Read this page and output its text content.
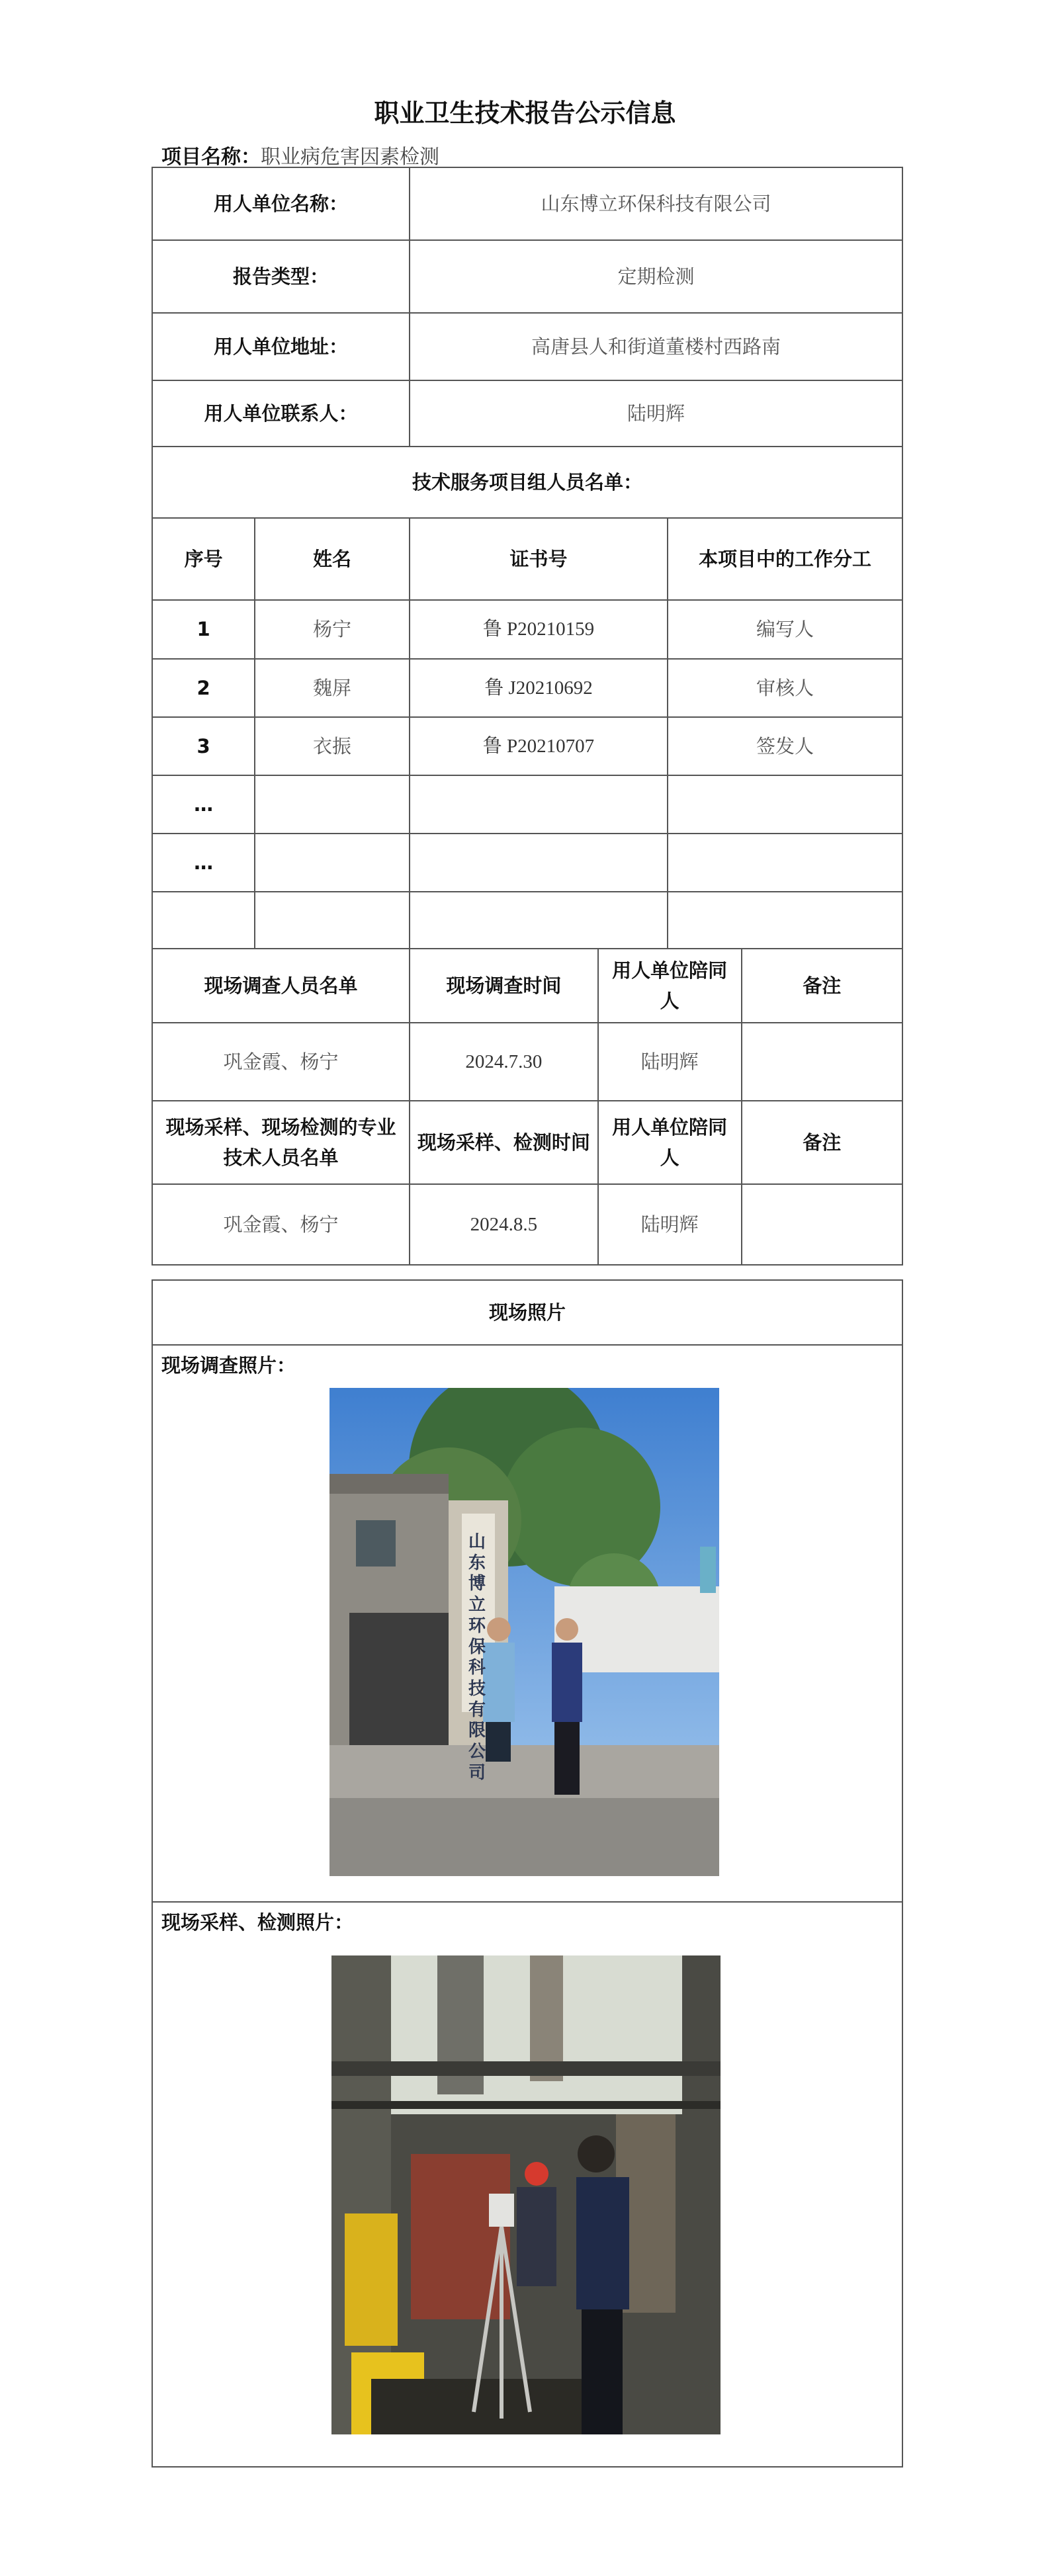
职业卫生技术报告公示信息
项目名称：职业病危害因素检测
用人单位名称：		山东博立环保科技有限公司			
报告类型：		定期检测			
用人单位地址：		高唐县人和街道董楼村西路南			
用人单位联系人：		陆明辉			
技术服务项目组人员名单：					
序号	姓名	证书号		本项目中的工作分工	
1	杨宁	鲁 P20210159		编写人	
2	魏屏	鲁 J20210692		审核人	
3	衣振	鲁 P20210707		签发人	
…					
…					

现场调查人员名单		现场调查时间	用人单位陪同人		备注
巩金霞、杨宁		2024.7.30	陆明辉		
现场采样、现场检测的专业技术人员名单		现场采样、检测时间	用人单位陪同人		备注
巩金霞、杨宁		2024.8.5	陆明辉		
现场照片

现场调查照片：
现场采样、检测照片：
山东博立环保科技有限公司
